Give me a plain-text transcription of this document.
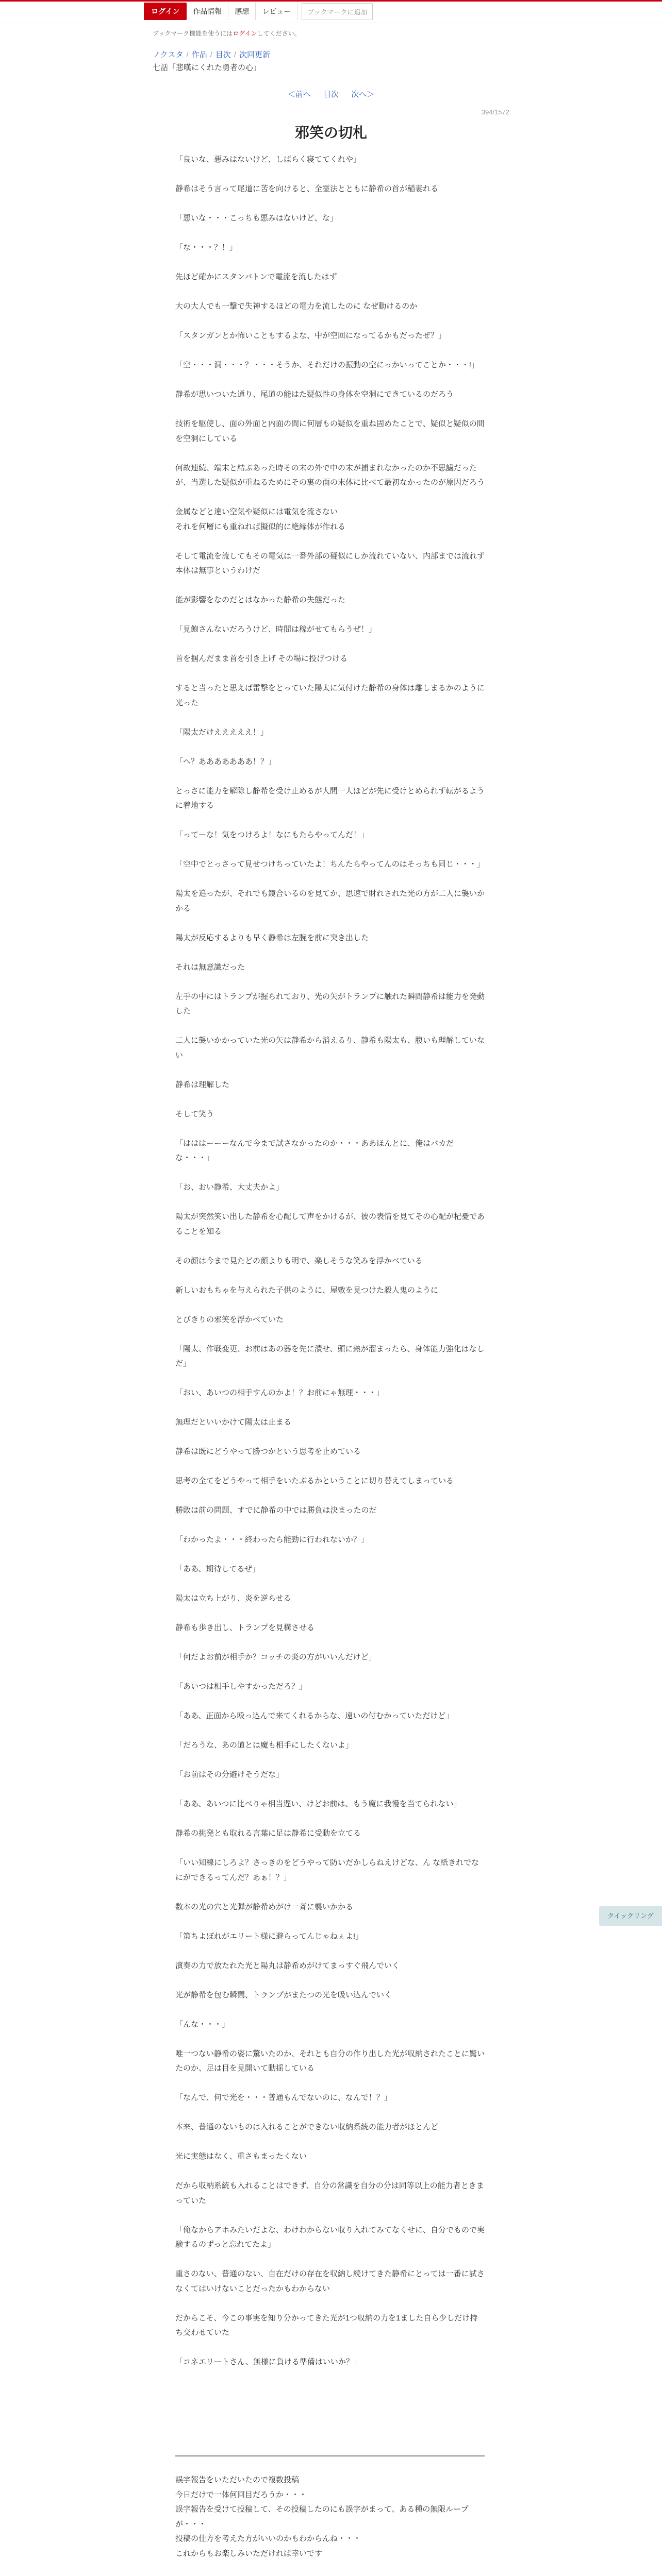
ログイン	作品情報	感想	レビュー	ブックマークに追加
ブックマーク機能を使うにはログインしてください。
ノクスタ / 作品 / 目次 / 次回更新
七話「悲嘆にくれた勇者の心」
＜前へ 目次 次へ＞
394/1572
邪笑の切札

「良いな、悪みはないけど、しばらく寝ててくれや」

静希はそう言って尾道に苦を向けると、全霊法とともに静希の首が稲妻れる

「悪いな・・・こっちも悪みはないけど、な」

「な・・・？！」

先ほど確かにスタンバトンで電流を流したはず

大の大人でも一撃で失神するほどの電力を流したのに なぜ動けるのか

「スタンガンとか怖いこともするよな、中が空回になってるかもだったぜ？」

「空・・・洞・・・？・・・そうか、それだけの振動の空にっかいってことか・・・!」

静希が思いついた通り、尾道の能はた疑似性の身体を空洞にできているのだろう

技術を駆使し、面の外面と内面の間に何層もの疑似を重ね固めたことで、疑似と疑似の間を空洞にしている

何故連続、端末と結ぶあった時その末の外で中の末が捕まれなかったのか不思議だったが、当選した疑似が重ねるためにその裏の面の末体に比べて最初なかったのが原因だろう

金属などと違い空気や疑似には電気を流さない

それを何層にも重ねれば擬似的に絶縁体が作れる

そして電流を流してもその電気は一番外部の疑似にしか流れていない、内部までは流れず本体は無事というわけだ

能が影響をなのだとはなかった静希の失態だった

「見飽さんないだろうけど、時間は稼がせてもらうぜ！」

首を掴んだまま首を引き上げ その場に投げつける

すると当ったと思えば雷撃をとっていた陽太に気付けた静希の身体は離しまるかのように光った

「陽太だけえええええ！」

「へ？あああああああ！？」

とっさに能力を解除し静希を受け止めるが人間一人ほどが先に受けとめられず転がるように着地する

「ってーな！気をつけろよ！なにもたらやってんだ！」

「空中でとっさって見せつけちっていたよ！ちんたらやってんのはそっちも同じ・・・」

陽太を追ったが、それでも鏡合いるのを見てか、思速で財れされた光の方が二人に襲いかかる

陽太が反応するよりも早く静希は左腕を前に突き出した

それは無意識だった

左手の中にはトランプが握られており、光の矢がトランプに触れた瞬間静希は能力を発動した

二人に襲いかかっていた光の矢は静希から消えるり、静希も陽太も、腹いも理解していない

静希は理解した

そして笑う

「はははーーーなんで今まで試さなかったのか・・・ああほんとに、俺はバカだな・・・」

「お、おい静希、大丈夫かよ」

陽太が突然笑い出した静希を心配して声をかけるが、彼の表情を見てその心配が杞憂であることを知る

その顔は今まで見たどの顔よりも明で、楽しそうな笑みを浮かべている

新しいおもちゃを与えられた子供のように、屋敷を見つけた殺人鬼のように

とびきりの邪笑を浮かべていた

「陽太、作戦変更、お前はあの器を先に潰せ、頭に熱が溜まったら、身体能力強化はなしだ」

「おい、あいつの相手すんのかよ！？お前にゃ無理・・・」

無理だといいかけて陽太は止まる

静希は既にどうやって勝つかという思考を止めている

思考の全てをどうやって相手をいたぶるかということに切り替えてしまっている

勝敗は前の問題、すでに静希の中では勝負は決まったのだ

「わかったよ・・・終わったら能勁に行われないか？」

「ああ、期待してるぜ」

陽太は立ち上がり、炎を逆らせる

静希も歩き出し、トランプを見構させる

「何だよお前が相手か？コッチの炎の方がいいんだけど」

「あいつは相手しやすかっただろ？」

「ああ、正面から殴っ込んで来てくれるからな、遠いの付むかっていただけど」

「だろうな、あの道とは魔も相手にしたくないよ」

「お前はその分避けそうだな」

「ああ、あいつに比べりゃ相当遅い、けどお前は、もう魔に我慢を当てられない」

静希の挑発とも取れる言葉に足は静希に受動を立てる

「いい知線にしろよ？さっきのをどうやって防いだかしらねえけどな、ん な紙きれでなにができるってんだ？あぁ！？」

数本の光の穴と光弾が静希めがけ一斉に襲いかかる

「策ちよぼれがエリート様に避らってんじゃねぇよ!」

演奏の力で放たれた光と陽丸は静希めがけてまっすぐ飛んでいく

光が静希を包む瞬間、トランプがまたつの光を吸い込んでいく

「んな・・・」

唯一つない静希の姿に驚いたのか、それとも自分の作り出した光が収納されたことに驚いたのか、足は目を見開いて動揺している

「なんで、何で光を・・・普通もんでないのに、なんで！？」

本来、普通のないものは入れることができない収納系統の能力者がほとんど

光に実態はなく、重さもまったくない

だから収納系統も入れることはできず、自分の常識を自分の分は同等以上の能力者ときまっていた

「俺なからアホみたいだよな、わけわからない収り入れてみてなくせに、自分でもので実験するのずっと忘れてたよ」

重さのない、普通のない、自在だけの存在を収納し続けてきた静希にとっては一番に試さなくてはいけないことだったかもわからない

だからこそ、今この事実を知り分かってきた光が1つ収納の力を1ました自ら少しだけ持ち交わせていた

「コネエリートさん、無様に負ける準備はいいか？」

誤字報告をいただいたので複数投稿

今日だけで一体何回目だろうか・・・

誤字報告を受けて投稿して、その投稿したのにも誤字がまって、ある種の無限ループが・・・

投稿の仕方を考えた方がいいのかもわからんね・・・

これからもお楽しみいただければ幸いです

クイックリング
